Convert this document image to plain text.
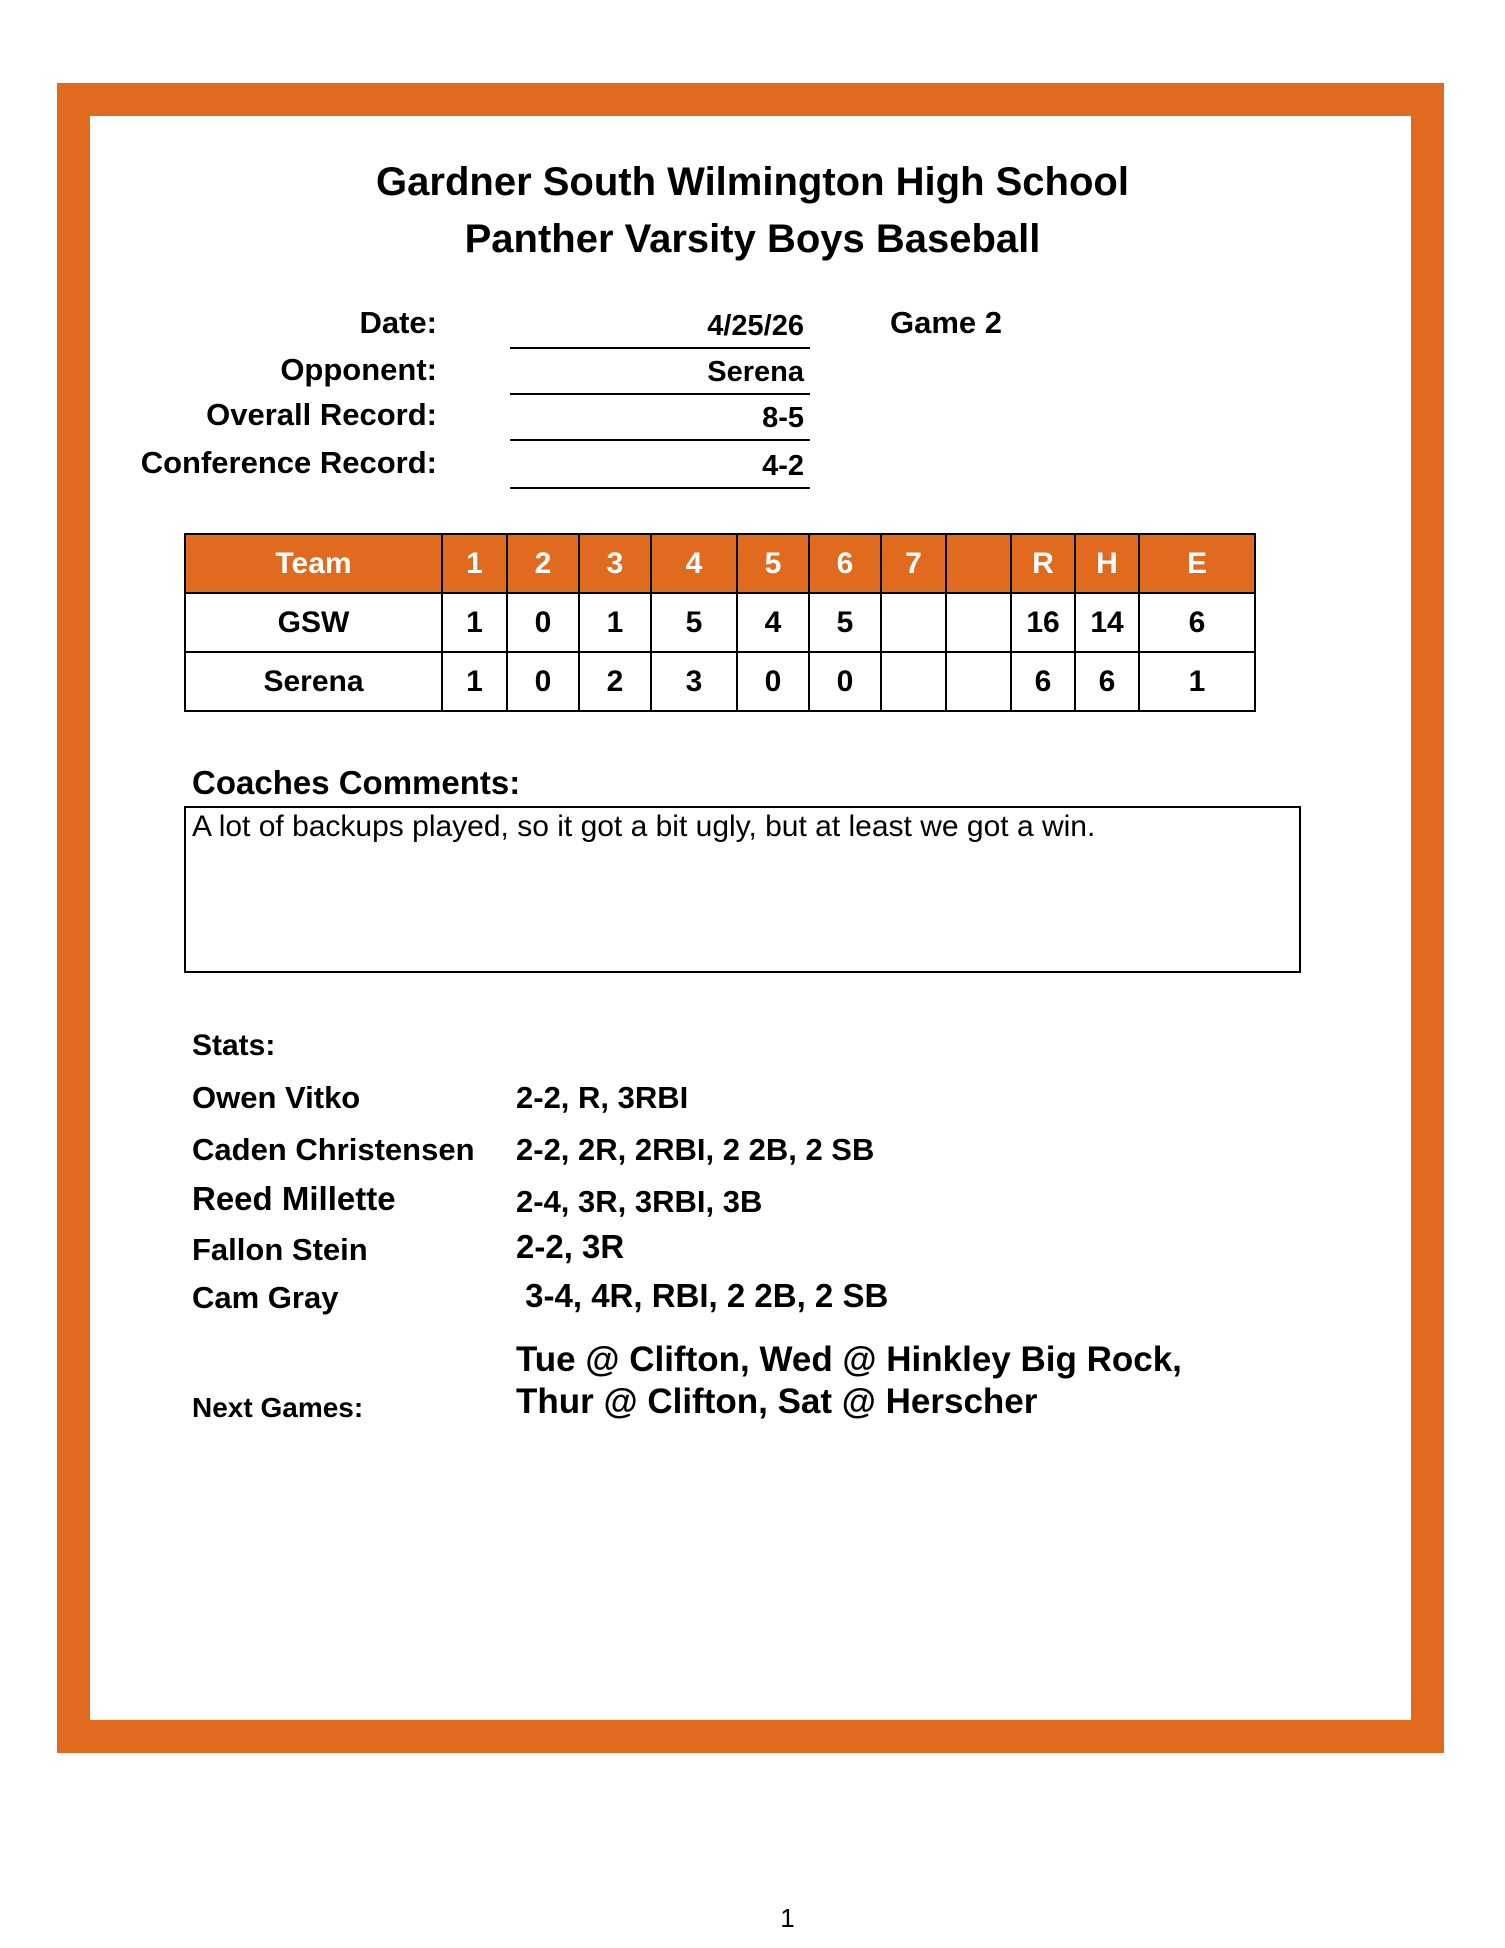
Gardner South Wilmington High School
Panther Varsity Boys Baseball
Date:	4/25/26
Opponent:	Serena
Overall Record:	8-5
Conference Record:	4-2
Game 2
Team	1	2	3	4	5	6	7		R	H	E
GSW	1	0	1	5	4	5			16	14	6
Serena	1	0	2	3	0	0			6	6	1
Coaches Comments:
A lot of backups played, so it got a bit ugly, but at least we got a win.
Stats:
Owen Vitko	2-2, R, 3RBI
Caden Christensen 2-2, 2R, 2RBI, 2 2B, 2 SB
Reed Millette	2-4, 3R, 3RBI, 3B
Fallon Stein	2-2, 3R
Cam Gray	3-4, 4R, RBI, 2 2B, 2 SB
Tue @ Clifton, Wed @ Hinkley Big Rock,
Next Games:	Thur @ Clifton, Sat @ Herscher
1
